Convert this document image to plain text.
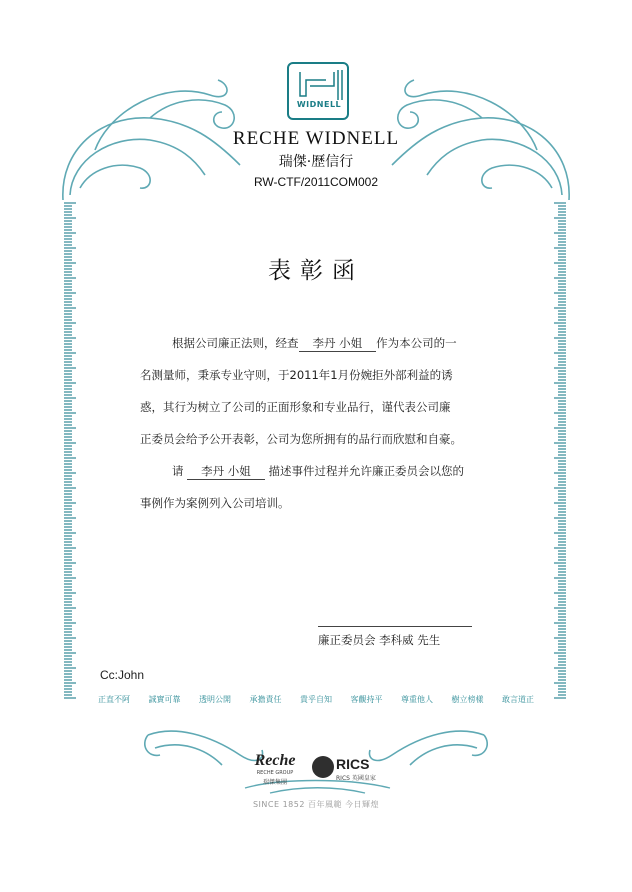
WIDNELL
RECHE WIDNELL
瑞傑·歷信行
RW-CTF/2011COM002
表彰函

根据公司廉正法则，经查 李丹 小姐 作为本公司的一

名测量师，秉承专业守则，于2011年1月份婉拒外部利益的诱

惑，其行为树立了公司的正面形象和专业品行，谨代表公司廉

正委员会给予公开表彰，公司为您所拥有的品行而欣慰和自豪。

请 李丹 小姐 描述事件过程并允许廉正委员会以您的

事例作为案例列入公司培训。

廉正委员会 李科威 先生
Cc:John
正直不阿 誠實可靠 透明公開 承擔責任 貴乎自知 客觀持平 尊重他人 樹立榜樣 敢言道正
Reche
RECHE GROUP
瑞傑集團
RICS
RICS 英國皇家
SINCE 1852 百年風範 今日輝煌
